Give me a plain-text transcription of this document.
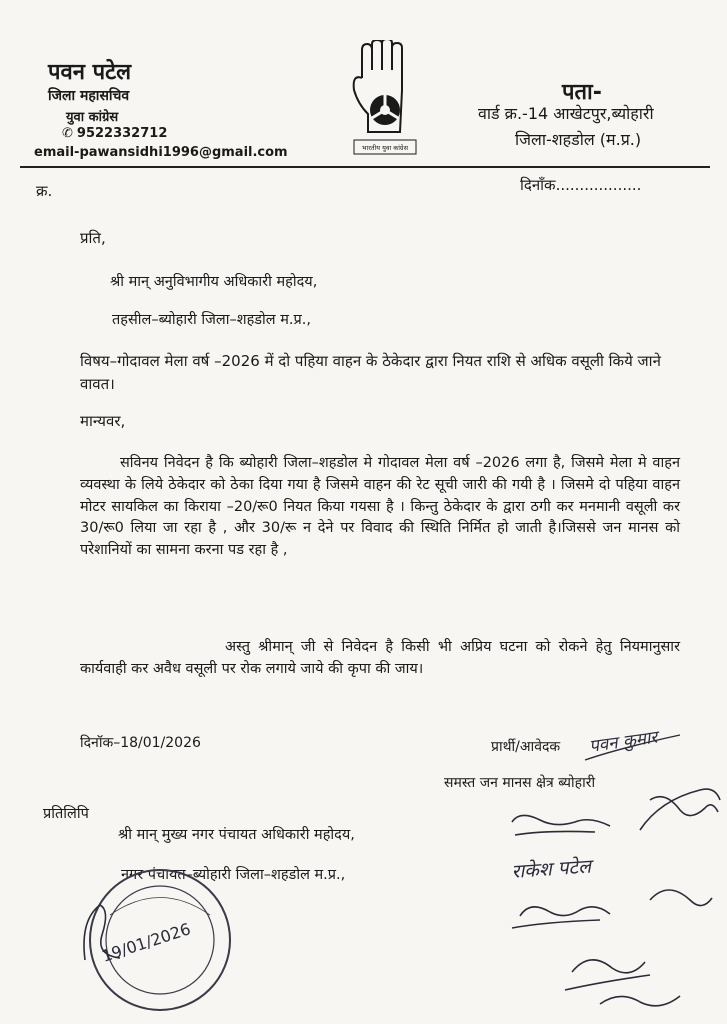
पवन पटेल
जिला महासचिव
युवा कांग्रेस
✆ 9522332712
email-pawansidhi1996@gmail.com	भारतीय युवा कांग्रेस
पता-
वार्ड क्र.-14 आखेटपुर,ब्योहारी
जिला-शहडोल (म.प्र.)
क्र.	दिनाँक..................
प्रति,
श्री मान् अनुविभागीय अधिकारी महोदय,
तहसील–ब्योहारी जिला–शहडोल म.प्र.,
विषय–गोदावल मेला वर्ष –2026 में दो पहिया वाहन के ठेकेदार द्वारा नियत राशि से अधिक वसूली किये जाने वावत।
मान्यवर,
सविनय निवेदन है कि ब्योहारी जिला–शहडोल मे गोदावल मेला वर्ष –2026 लगा है, जिसमे मेला मे वाहन व्यवस्था के लिये ठेकेदार को ठेका दिया गया है जिसमे वाहन की रेट सूची जारी की गयी है । जिसमे दो पहिया वाहन मोटर सायकिल का किराया –20/रू0 नियत किया गयसा है । किन्तु ठेकेदार के द्वारा ठगी कर मनमानी वसूली कर 30/रू0 लिया जा रहा है , और 30/रू न देने पर विवाद की स्थिति निर्मित हो जाती है।जिससे जन मानस को परेशानियों का सामना करना पड रहा है ,
अस्तु श्रीमान् जी से निवेदन है किसी भी अप्रिय घटना को रोकने हेतु नियमानुसार कार्यवाही कर अवैध वसूली पर रोक लगाये जाये की कृपा की जाय।
दिनॉक–18/01/2026	प्रार्थी/आवेदक
समस्त जन मानस क्षेत्र ब्योहारी
प्रतिलिपि
श्री मान् मुख्य नगर पंचायत अधिकारी महोदय,
नगर पंचायत–ब्योहारी जिला–शहडोल म.प्र.,
पवन कुमार
राकेश पटेल
19/01/2026
